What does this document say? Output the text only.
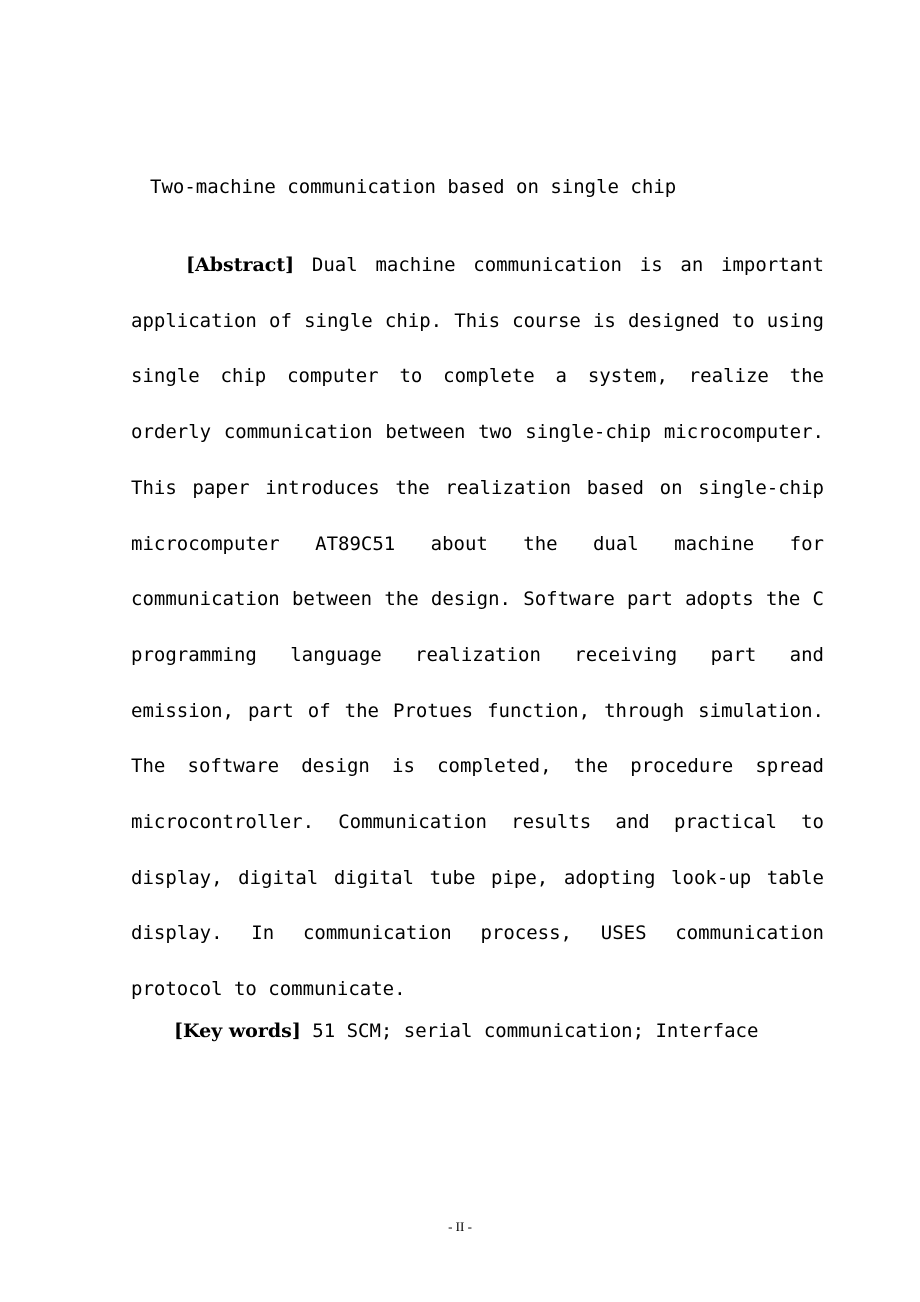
Two-machine communication based on single chip

[Abstract] Dual machine communication is an important application of single chip. This course is designed to using single chip computer to complete a system, realize the orderly communication between two single-chip microcomputer. This paper introduces the realization based on single-chip microcomputer AT89C51 about the dual machine for communication between the design. Software part adopts the C programming language realization receiving part and emission, part of the Protues function, through simulation. The software design is completed, the procedure spread microcontroller. Communication results and practical to display, digital digital tube pipe, adopting look-up table display. In communication process, USES communication protocol to communicate.

[Key words] 51 SCM; serial communication; Interface

- II -
